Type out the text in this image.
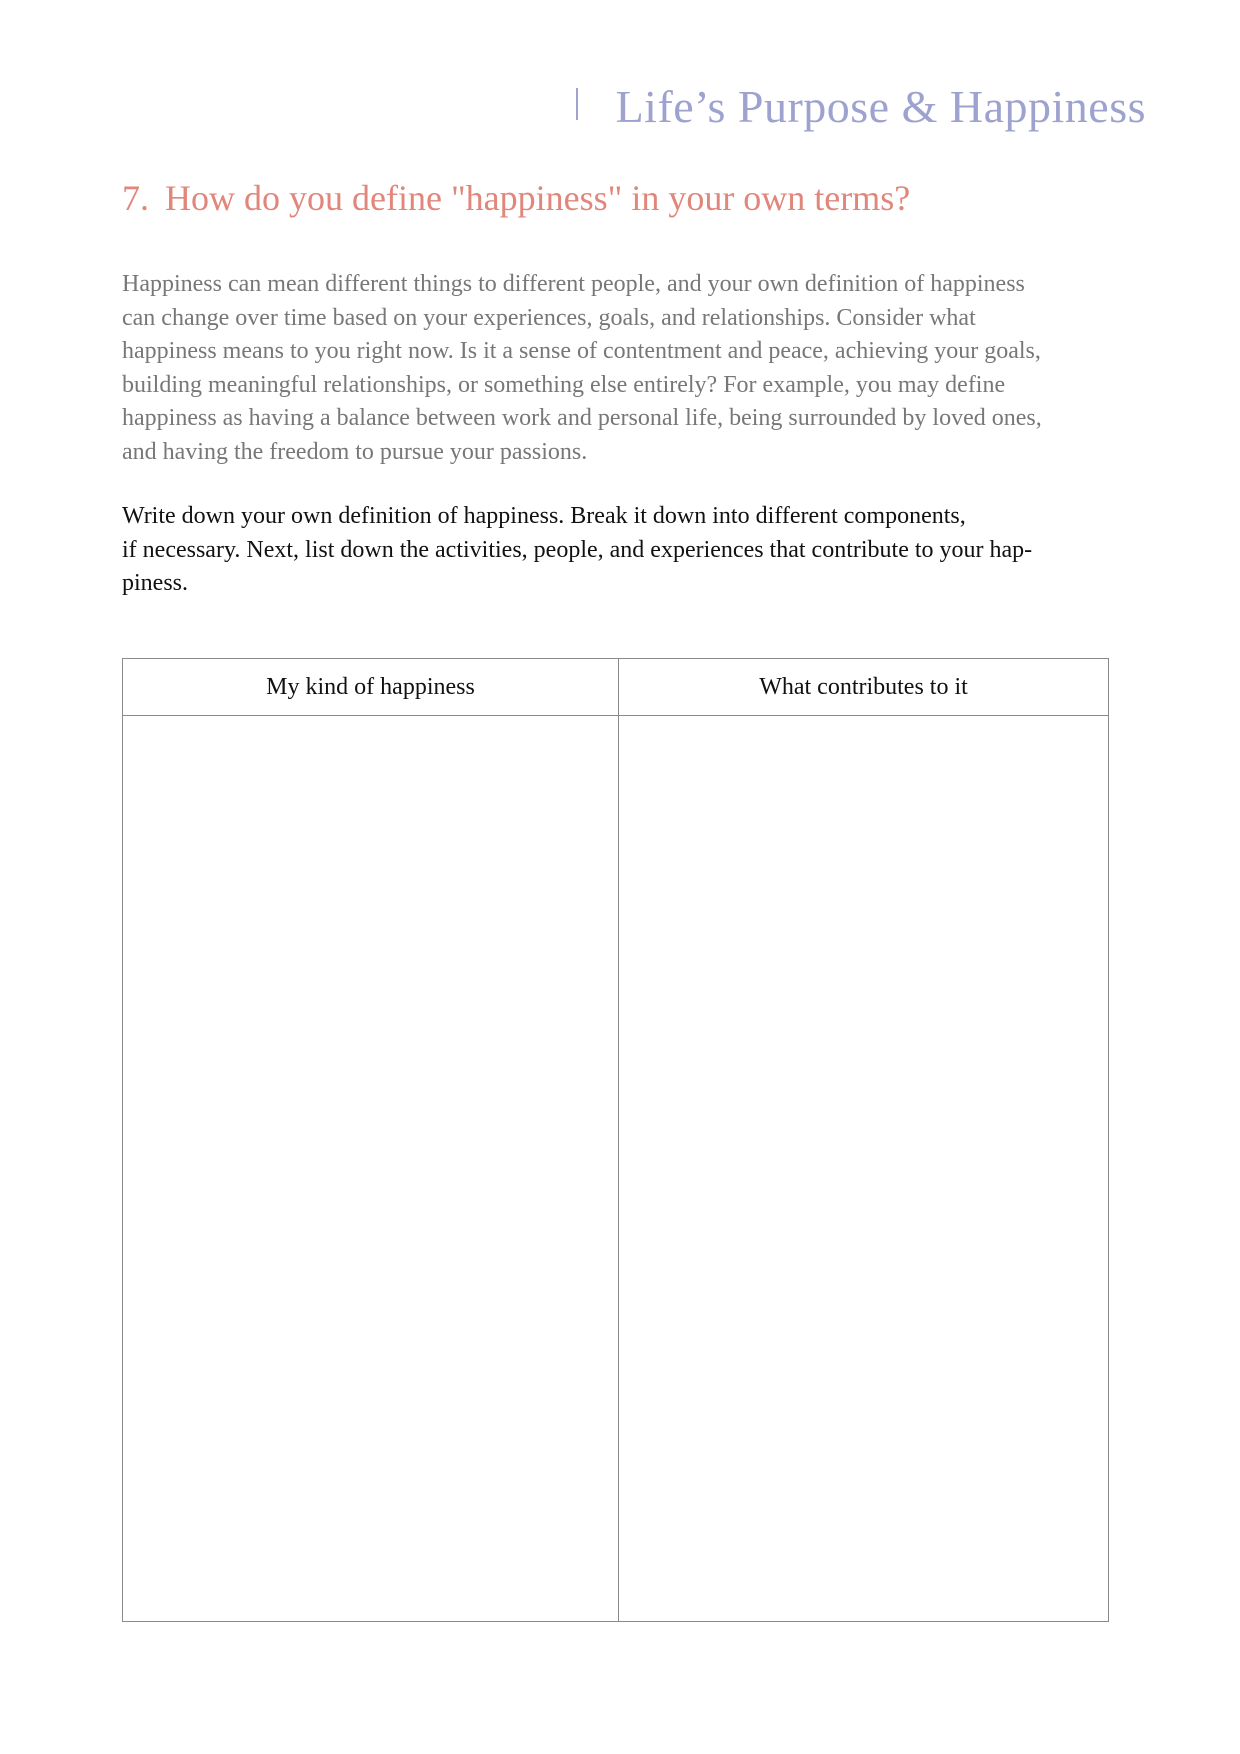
Life’s Purpose & Happiness
7. How do you define "happiness" in your own terms?

Happiness can mean different things to different people, and your own definition of happiness
can change over time based on your experiences, goals, and relationships. Consider what
happiness means to you right now. Is it a sense of contentment and peace, achieving your goals,
building meaningful relationships, or something else entirely? For example, you may define
happiness as having a balance between work and personal life, being surrounded by loved ones,
and having the freedom to pursue your passions.

Write down your own definition of happiness. Break it down into different components,
if necessary. Next, list down the activities, people, and experiences that contribute to your hap-
piness.

My kind of happiness	What contributes to it
